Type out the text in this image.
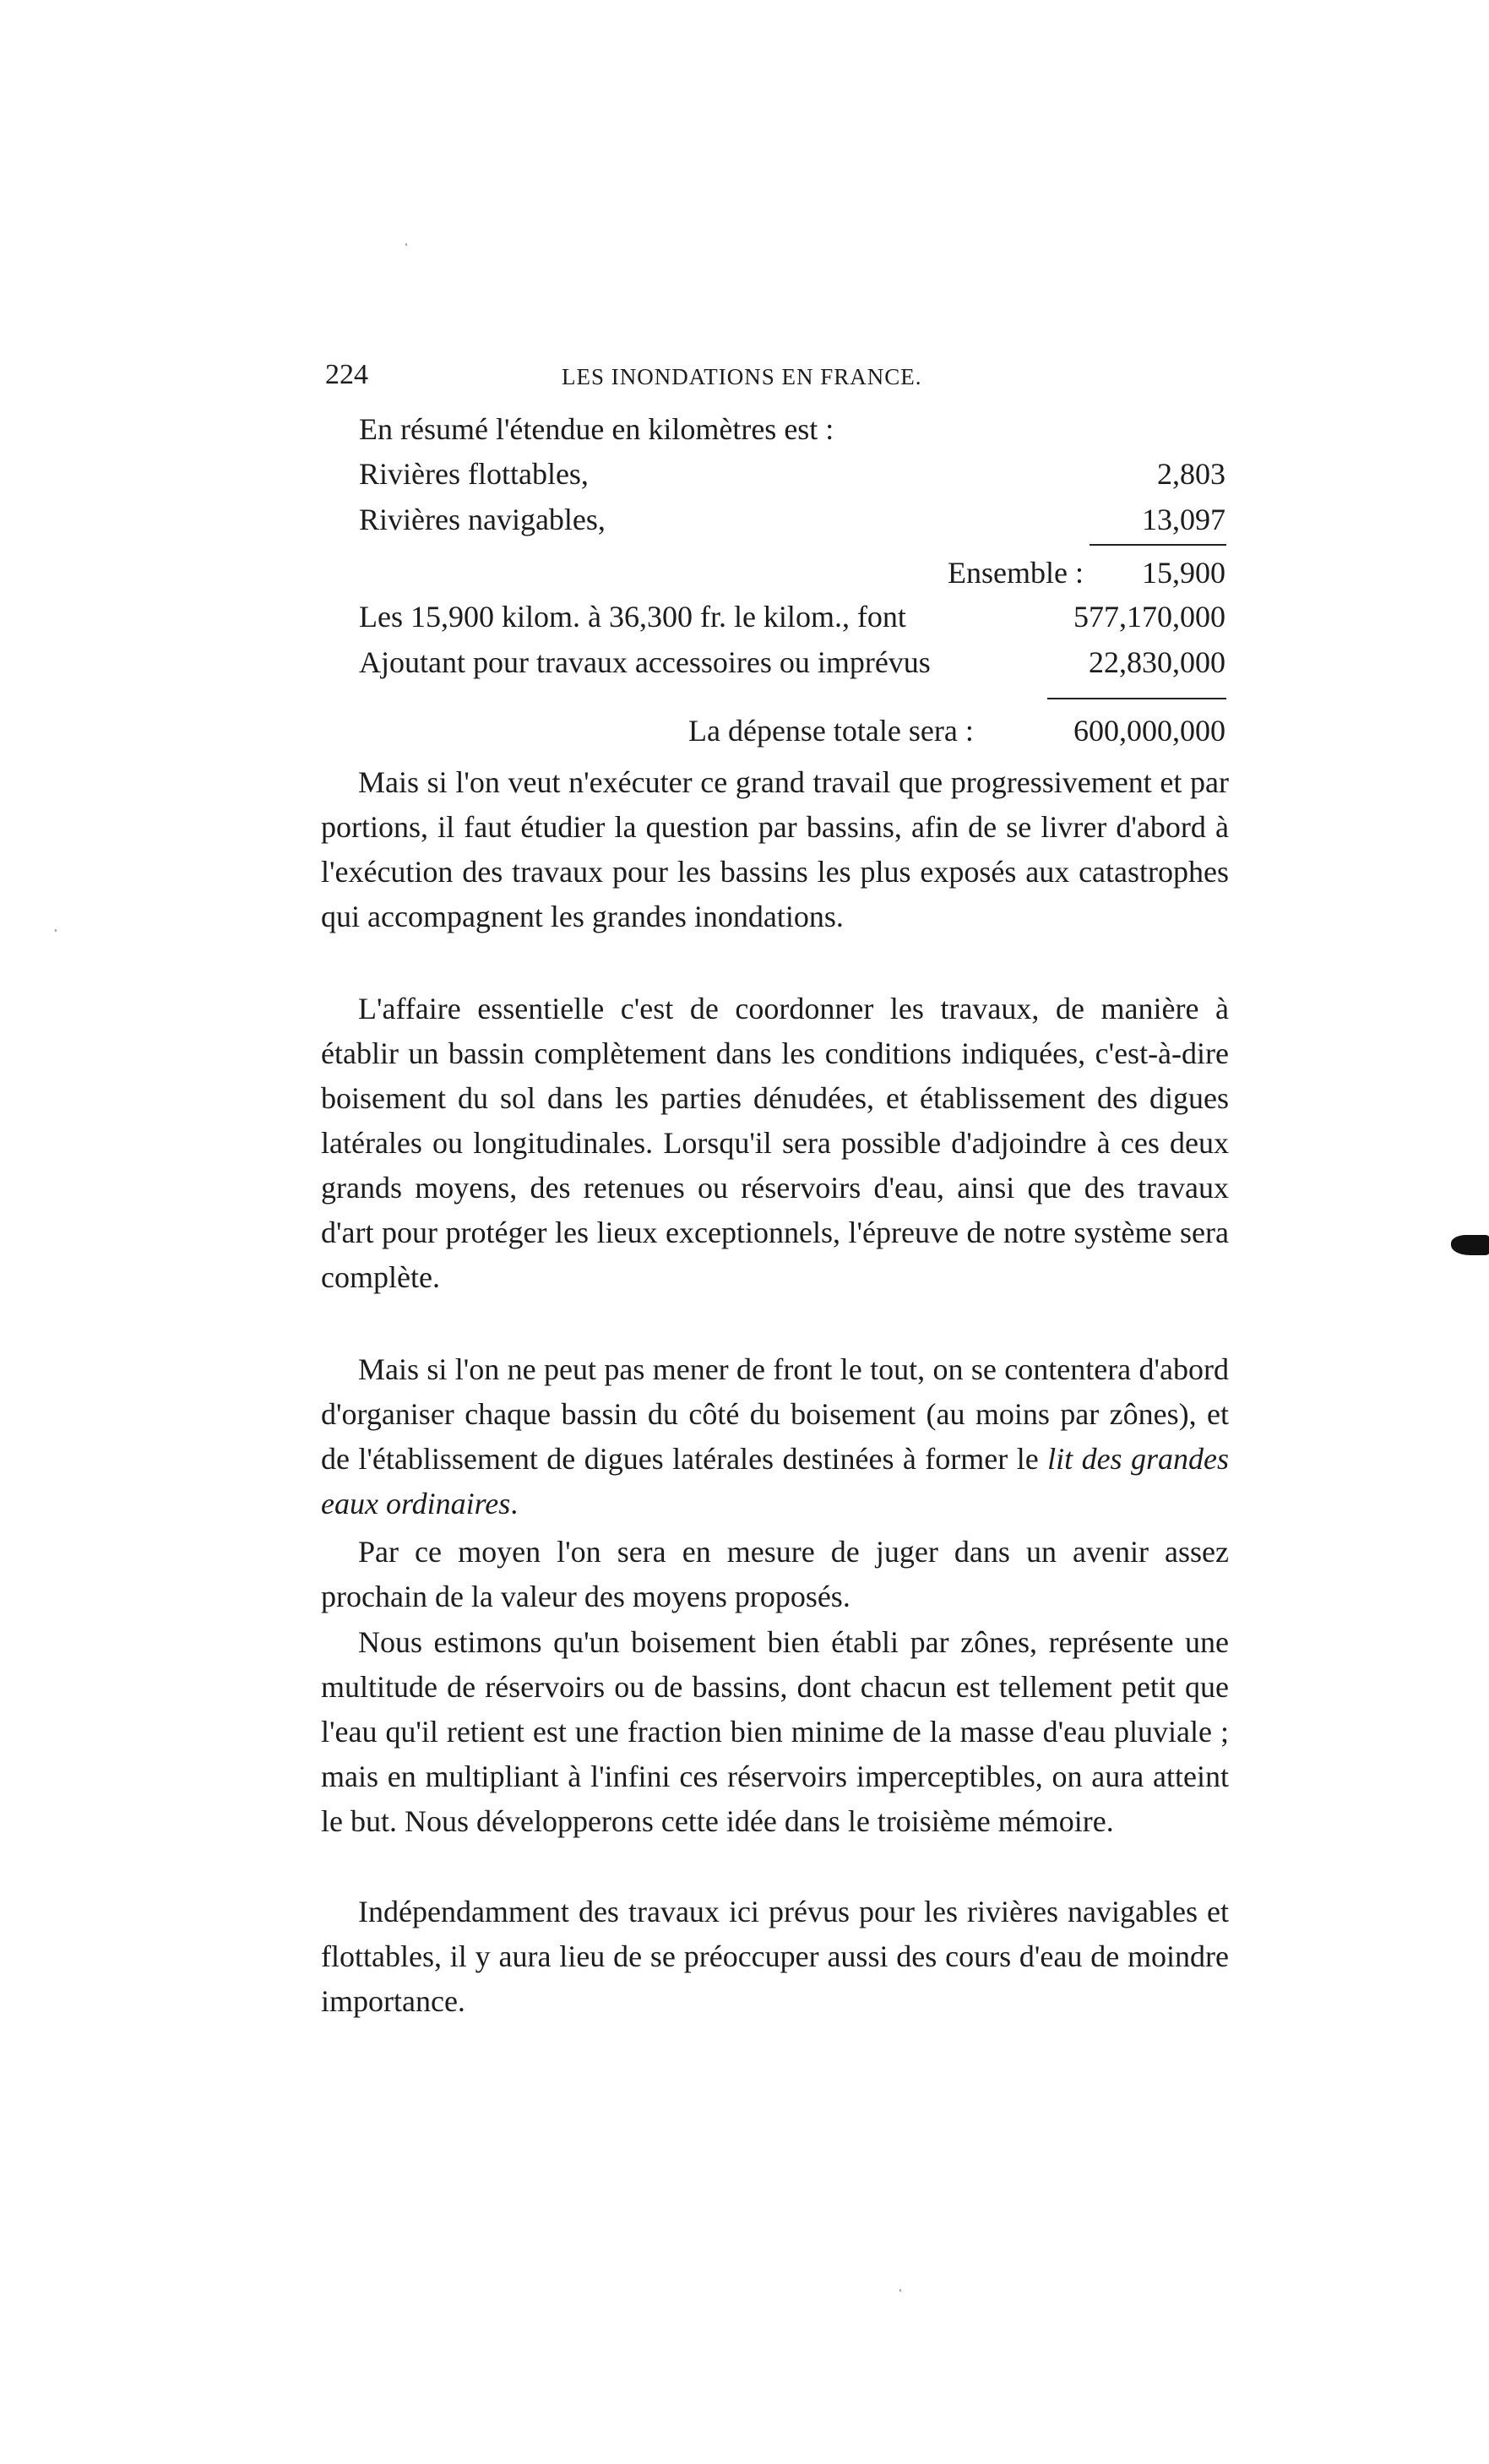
224	LES INONDATIONS EN FRANCE.
En résumé l'étendue en kilomètres est :
Rivières flottables,	2,803
Rivières navigables,	13,097
Ensemble : 15,900
Les 15,900 kilom. à 36,300 fr. le kilom., font	577,170,000
Ajoutant pour travaux accessoires ou imprévus	22,830,000
La dépense totale sera :	600,000,000

Mais si l'on veut n'exécuter ce grand travail que progressivement et par portions, il faut étudier la question par bassins, afin de se livrer d'abord à l'exécution des travaux pour les bassins les plus exposés aux catastrophes qui accompagnent les grandes inondations.

L'affaire essentielle c'est de coordonner les travaux, de manière à établir un bassin complètement dans les conditions indiquées, c'est-à-dire boisement du sol dans les parties dénudées, et établissement des digues latérales ou longitudinales. Lorsqu'il sera possible d'adjoindre à ces deux grands moyens, des retenues ou réservoirs d'eau, ainsi que des travaux d'art pour protéger les lieux exceptionnels, l'épreuve de notre système sera complète.

Mais si l'on ne peut pas mener de front le tout, on se contentera d'abord d'organiser chaque bassin du côté du boisement (au moins par zônes), et de l'établissement de digues latérales destinées à former le lit des grandes eaux ordinaires.

Par ce moyen l'on sera en mesure de juger dans un avenir assez prochain de la valeur des moyens proposés.

Nous estimons qu'un boisement bien établi par zônes, représente une multitude de réservoirs ou de bassins, dont chacun est tellement petit que l'eau qu'il retient est une fraction bien minime de la masse d'eau pluviale ; mais en multipliant à l'infini ces réservoirs imperceptibles, on aura atteint le but. Nous développerons cette idée dans le troisième mémoire.

Indépendamment des travaux ici prévus pour les rivières navigables et flottables, il y aura lieu de se préoccuper aussi des cours d'eau de moindre importance.
